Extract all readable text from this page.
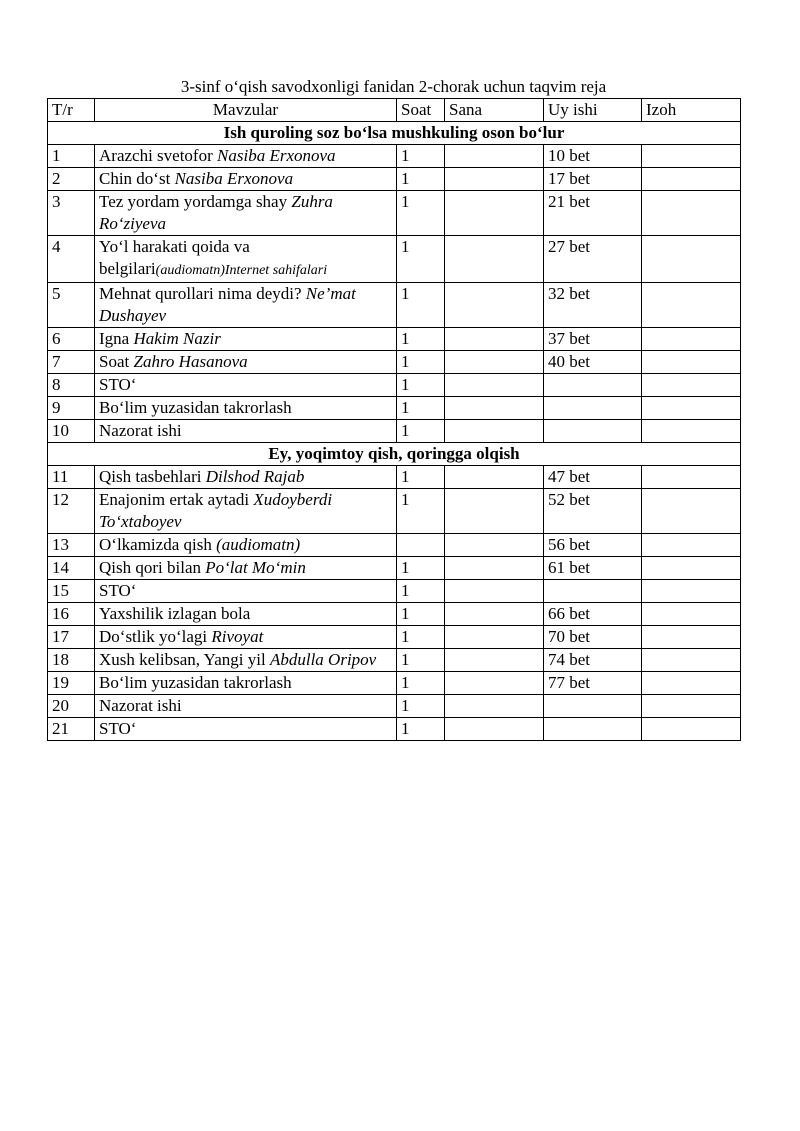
3-sinf o‘qish savodxonligi fanidan 2-chorak uchun taqvim reja
T/r	Mavzular	Soat	Sana	Uy ishi	Izoh
Ish quroling soz bo‘lsa mushkuling oson bo‘lur					
1	Arazchi svetofor Nasiba Erxonova	1		10 bet	
2	Chin do‘st Nasiba Erxonova	1		17 bet	
3	Tez yordam yordamga shay Zuhra Ro‘ziyeva	1		21 bet	
4	Yo‘l harakati qoida va belgilari(audiomatn)Internet sahifalari	1		27 bet	
5	Mehnat qurollari nima deydi? Ne’mat Dushayev	1		32 bet	
6	Igna Hakim Nazir	1		37 bet	
7	Soat Zahro Hasanova	1		40 bet	
8	STO‘	1			
9	Bo‘lim yuzasidan takrorlash	1			
10	Nazorat ishi	1			
Ey, yoqimtoy qish, qoringga olqish					
11	Qish tasbehlari Dilshod Rajab	1		47 bet	
12	Enajonim ertak aytadi Xudoyberdi To‘xtaboyev	1		52 bet	
13	O‘lkamizda qish (audiomatn)			56 bet	
14	Qish qori bilan Po‘lat Mo‘min	1		61 bet	
15	STO‘	1			
16	Yaxshilik izlagan bola	1		66 bet	
17	Do‘stlik yo‘lagi Rivoyat	1		70 bet	
18	Xush kelibsan, Yangi yil Abdulla Oripov	1		74 bet	
19	Bo‘lim yuzasidan takrorlash	1		77 bet	
20	Nazorat ishi	1			
21	STO‘	1			
